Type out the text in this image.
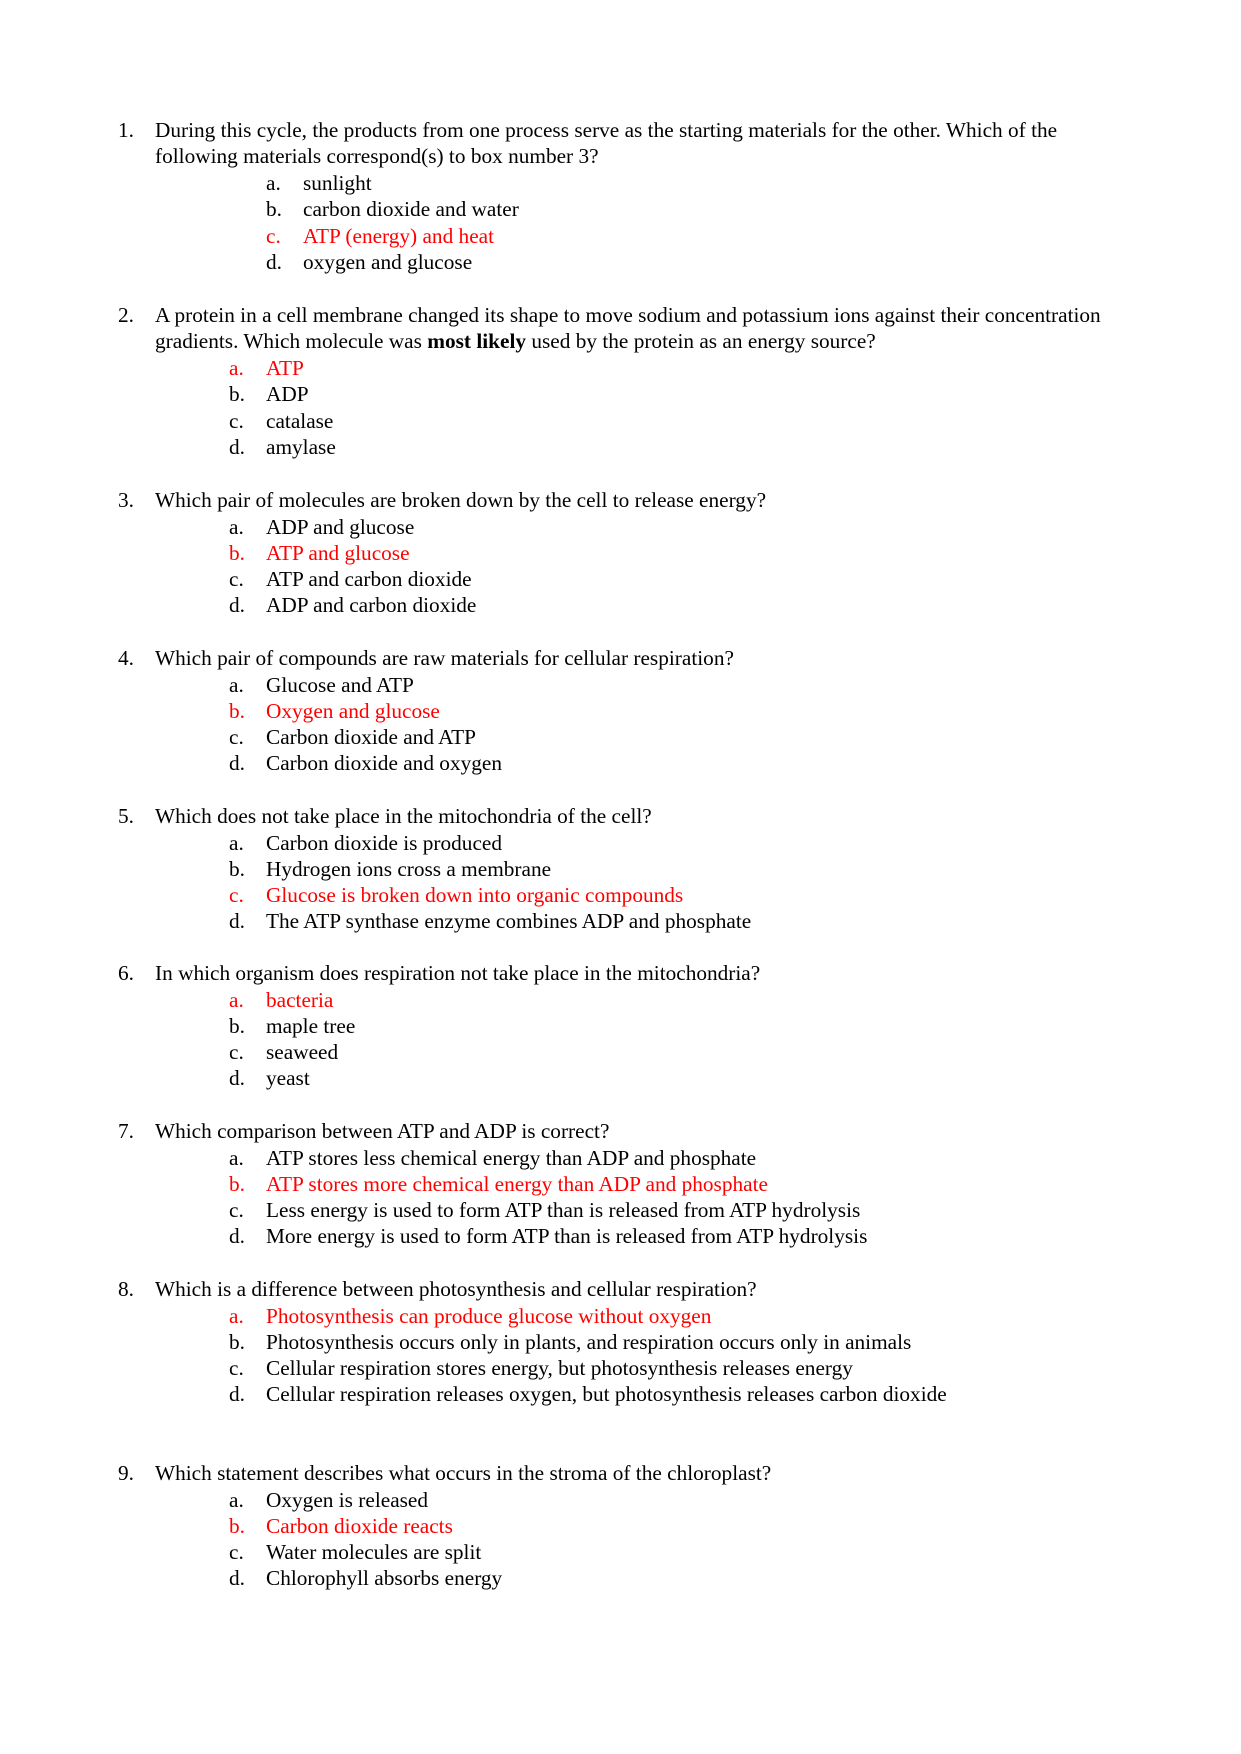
1. During this cycle, the products from one process serve as the starting materials for the other. Which of the following materials correspond(s) to box number 3?
a. sunlight
b. carbon dioxide and water
c. ATP (energy) and heat
d. oxygen and glucose
2. A protein in a cell membrane changed its shape to move sodium and potassium ions against their concentration gradients. Which molecule was most likely used by the protein as an energy source?
a. ATP
b. ADP
c. catalase
d. amylase
3. Which pair of molecules are broken down by the cell to release energy?
a. ADP and glucose
b. ATP and glucose
c. ATP and carbon dioxide
d. ADP and carbon dioxide
4. Which pair of compounds are raw materials for cellular respiration?
a. Glucose and ATP
b. Oxygen and glucose
c. Carbon dioxide and ATP
d. Carbon dioxide and oxygen
5. Which does not take place in the mitochondria of the cell?
a. Carbon dioxide is produced
b. Hydrogen ions cross a membrane
c. Glucose is broken down into organic compounds
d. The ATP synthase enzyme combines ADP and phosphate
6. In which organism does respiration not take place in the mitochondria?
a. bacteria
b. maple tree
c. seaweed
d. yeast
7. Which comparison between ATP and ADP is correct?
a. ATP stores less chemical energy than ADP and phosphate
b. ATP stores more chemical energy than ADP and phosphate
c. Less energy is used to form ATP than is released from ATP hydrolysis
d. More energy is used to form ATP than is released from ATP hydrolysis
8. Which is a difference between photosynthesis and cellular respiration?
a. Photosynthesis can produce glucose without oxygen
b. Photosynthesis occurs only in plants, and respiration occurs only in animals
c. Cellular respiration stores energy, but photosynthesis releases energy
d. Cellular respiration releases oxygen, but photosynthesis releases carbon dioxide
9. Which statement describes what occurs in the stroma of the chloroplast?
a. Oxygen is released
b. Carbon dioxide reacts
c. Water molecules are split
d. Chlorophyll absorbs energy
